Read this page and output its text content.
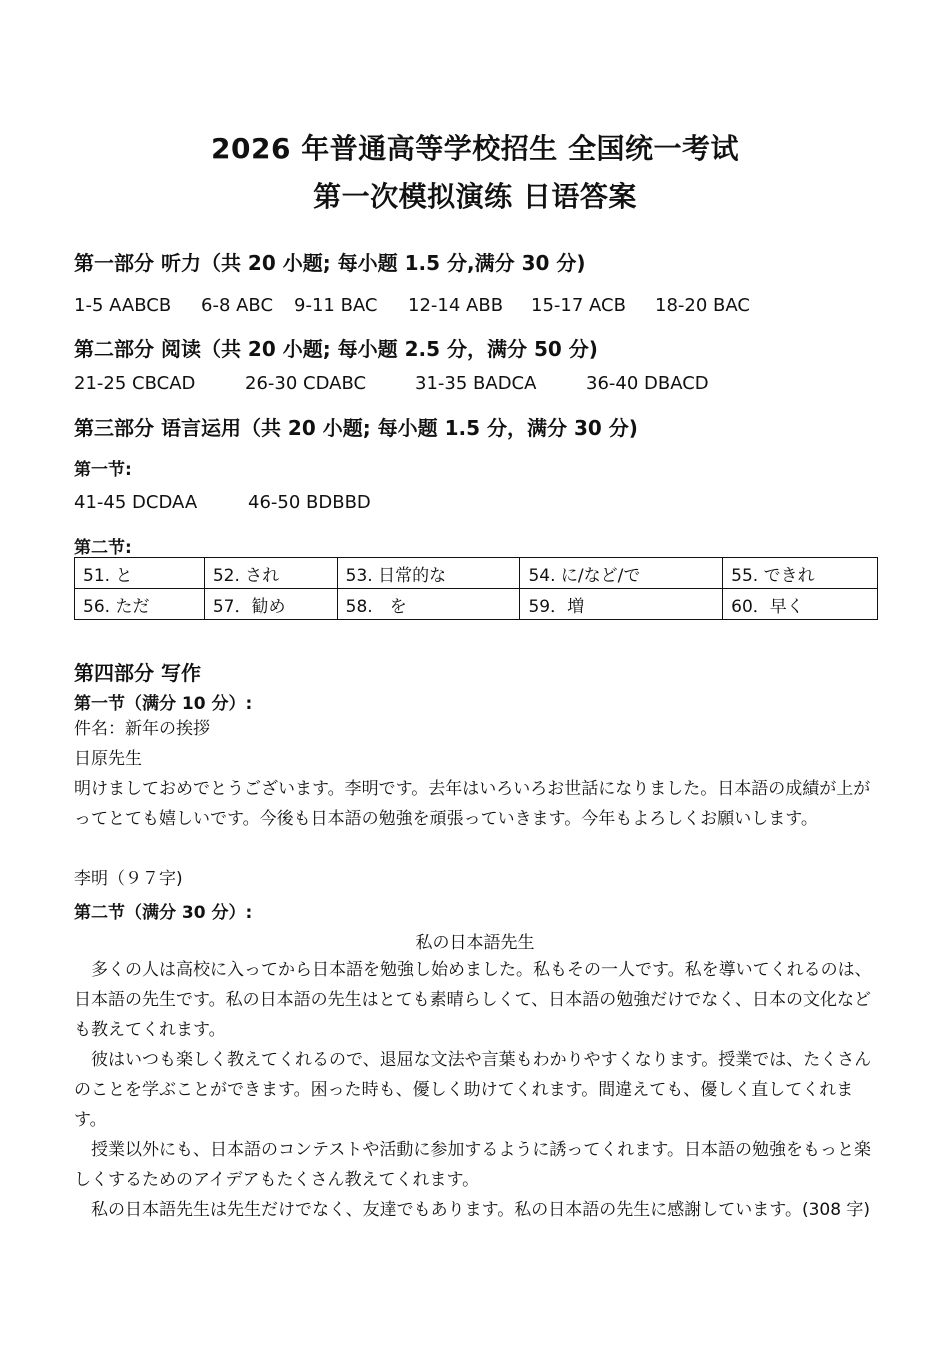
2026 年普通高等学校招生 全国统一考试
第一次模拟演练 日语答案
第一部分 听力（共 20 小题; 每小题 1.5 分,满分 30 分)
1-5 AABCB 6-8 ABC 9-11 BAC 12-14 ABB 15-17 ACB 18-20 BAC
第二部分 阅读（共 20 小题; 每小题 2.5 分，满分 50 分)
21-25 CBCAD	26-30 CDABC	31-35 BADCA	36-40 DBACD
第三部分 语言运用（共 20 小题; 每小题 1.5 分，满分 30 分)
第一节:
41-45 DCDAA	46-50 BDBBD
第二节:
51. と	52. され	53. 日常的な	54. に/など/で	55. できれ
56. ただ	57．勧め	58.　を	59．増	60．早く
第四部分 写作
第一节（满分 10 分）:
件名：新年の挨拶
日原先生
明けましておめでとうございます。李明です。去年はいろいろお世話になりました。日本語の成績が上がってとても嬉しいです。今後も日本語の勉強を頑張っていきます。今年もよろしくお願いします。
李明（９７字)
第二节（满分 30 分）:
私の日本語先生
多くの人は高校に入ってから日本語を勉強し始めました。私もその一人です。私を導いてくれるのは、日本語の先生です。私の日本語の先生はとても素晴らしくて、日本語の勉強だけでなく、日本の文化なども教えてくれます。
彼はいつも楽しく教えてくれるので、退屈な文法や言葉もわかりやすくなります。授業では、たくさんのことを学ぶことができます。困った時も、優しく助けてくれます。間違えても、優しく直してくれます。
授業以外にも、日本語のコンテストや活動に参加するように誘ってくれます。日本語の勉強をもっと楽しくするためのアイデアもたくさん教えてくれます。
私の日本語先生は先生だけでなく、友達でもあります。私の日本語の先生に感謝しています。(308 字)
